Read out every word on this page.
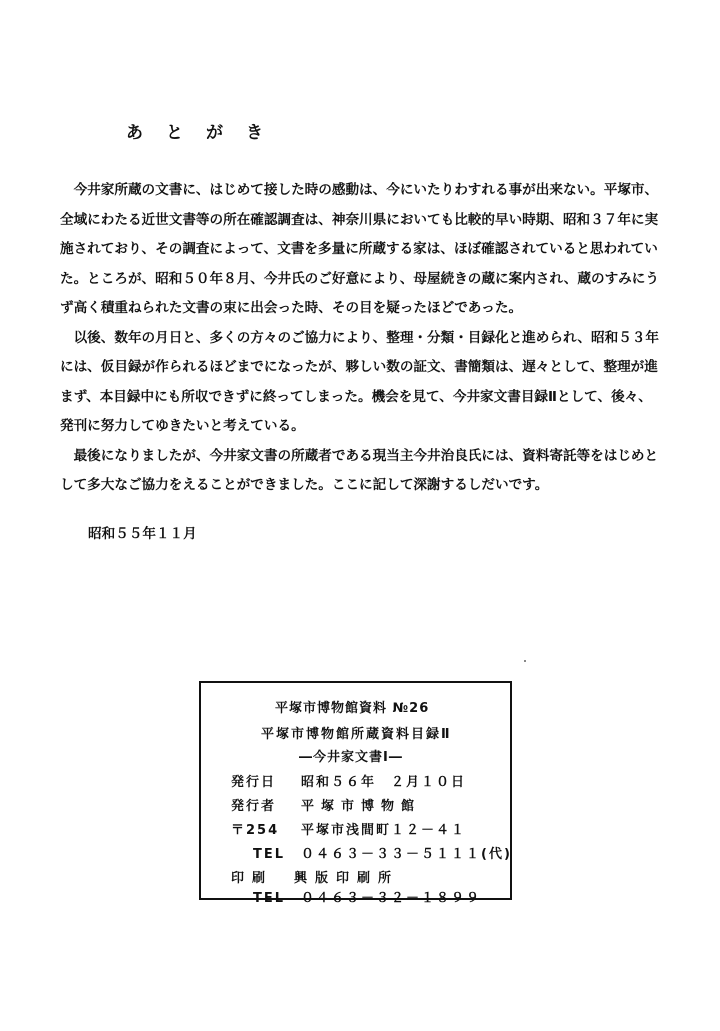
あとがき

今井家所蔵の文書に、はじめて接した時の感動は、今にいたりわすれる事が出来ない。平塚市、
全域にわたる近世文書等の所在確認調査は、神奈川県においても比較的早い時期、昭和３７年に実
施されており、その調査によって、文書を多量に所蔵する家は、ほぼ確認されていると思われてい
た。ところが、昭和５０年８月、今井氏のご好意により、母屋続きの蔵に案内され、蔵のすみにう
ず高く積重ねられた文書の束に出会った時、その目を疑ったほどであった。

以後、数年の月日と、多くの方々のご協力により、整理・分類・目録化と進められ、昭和５３年
には、仮目録が作られるほどまでになったが、夥しい数の証文、書簡類は、遅々として、整理が進
まず、本目録中にも所収できずに終ってしまった。機会を見て、今井家文書目録Ⅱとして、後々、
発刊に努力してゆきたいと考えている。

最後になりましたが、今井家文書の所蔵者である現当主今井治良氏には、資料寄託等をはじめと
して多大なご協力をえることができました。ここに記して深謝するしだいです。

昭和５５年１１月
平塚市博物館資料 №26
平塚市博物館所蔵資料目録Ⅱ
―今井家文書Ⅰ―
発行日 昭和５６年　２月１０日
発行者 平塚市博物館
〒254 平塚市浅間町１２－４１
TEL ０４６３－３３－５１１１(代)
印刷　興版印刷所
TEL ０４６３－３２－１８９９
